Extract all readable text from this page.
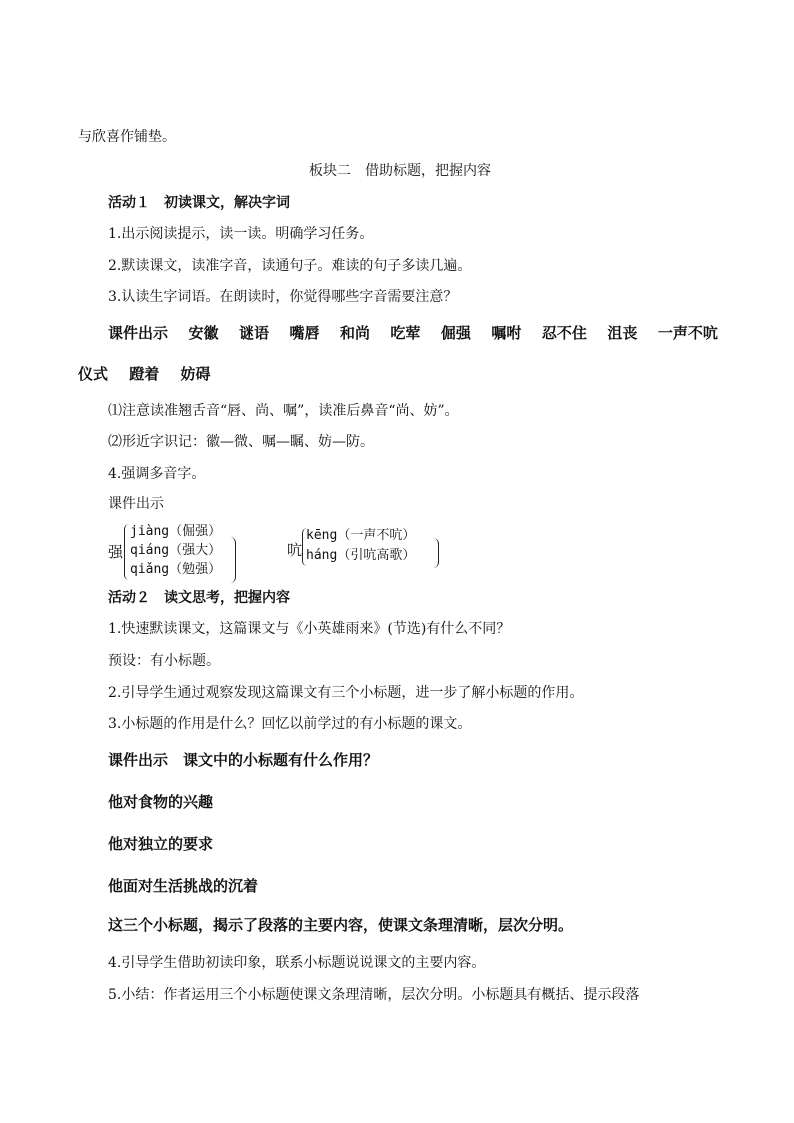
与欣喜作铺垫。

板块二　借助标题，把握内容

活动１　初读课文，解决字词

1.出示阅读提示，读一读。明确学习任务。

2.默读课文，读准字音，读通句子。难读的句子多读几遍。

3.认读生字词语。在朗读时，你觉得哪些字音需要注意？

课件出示 安徽 谜语 嘴唇 和尚 吃荤 倔强 嘱咐 忍不住 沮丧 一声不吭
仪式 蹬着 妨碍

⑴注意读准翘舌音“唇、尚、嘱”，读准后鼻音“尚、妨”。

⑵形近字识记：徽—微、嘱—瞩、妨—防。

4.强调多音字。

课件出示

强
jiàng（倔强）
qiáng（强大）
qiǎng（勉强）
吭
kēng（一声不吭）
háng（引吭高歌）

活动２　读文思考，把握内容

1.快速默读课文，这篇课文与《小英雄雨来》(节选)有什么不同？

预设：有小标题。

2.引导学生通过观察发现这篇课文有三个小标题，进一步了解小标题的作用。

3.小标题的作用是什么？回忆以前学过的有小标题的课文。

课件出示　课文中的小标题有什么作用？

他对食物的兴趣

他对独立的要求

他面对生活挑战的沉着

这三个小标题，揭示了段落的主要内容，使课文条理清晰，层次分明。

4.引导学生借助初读印象，联系小标题说说课文的主要内容。

5.小结：作者运用三个小标题使课文条理清晰，层次分明。小标题具有概括、提示段落
